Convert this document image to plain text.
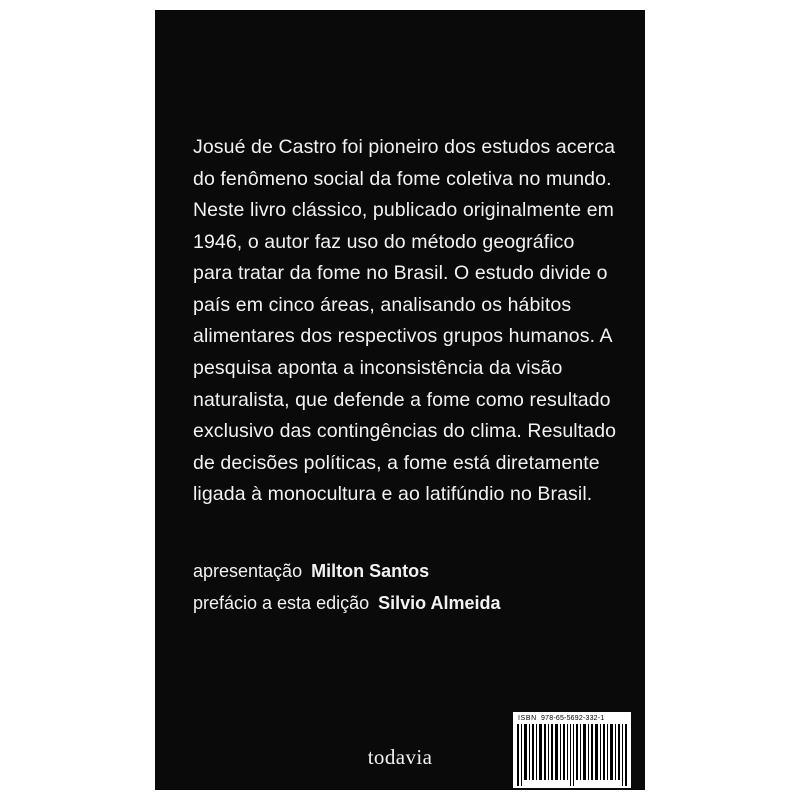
Josué de Castro foi pioneiro dos estudos acerca do fenômeno social da fome coletiva no mundo. Neste livro clássico, publicado originalmente em 1946, o autor faz uso do método geográfico para tratar da fome no Brasil. O estudo divide o país em cinco áreas, analisando os hábitos alimentares dos respectivos grupos humanos. A pesquisa aponta a inconsistência da visão naturalista, que defende a fome como resultado exclusivo das contingências do clima. Resultado de decisões políticas, a fome está diretamente ligada à monocultura e ao latifúndio no Brasil.

apresentação Milton Santos
prefácio a esta edição Silvio Almeida
todavia
ISBN 978-65-5692-332-1
